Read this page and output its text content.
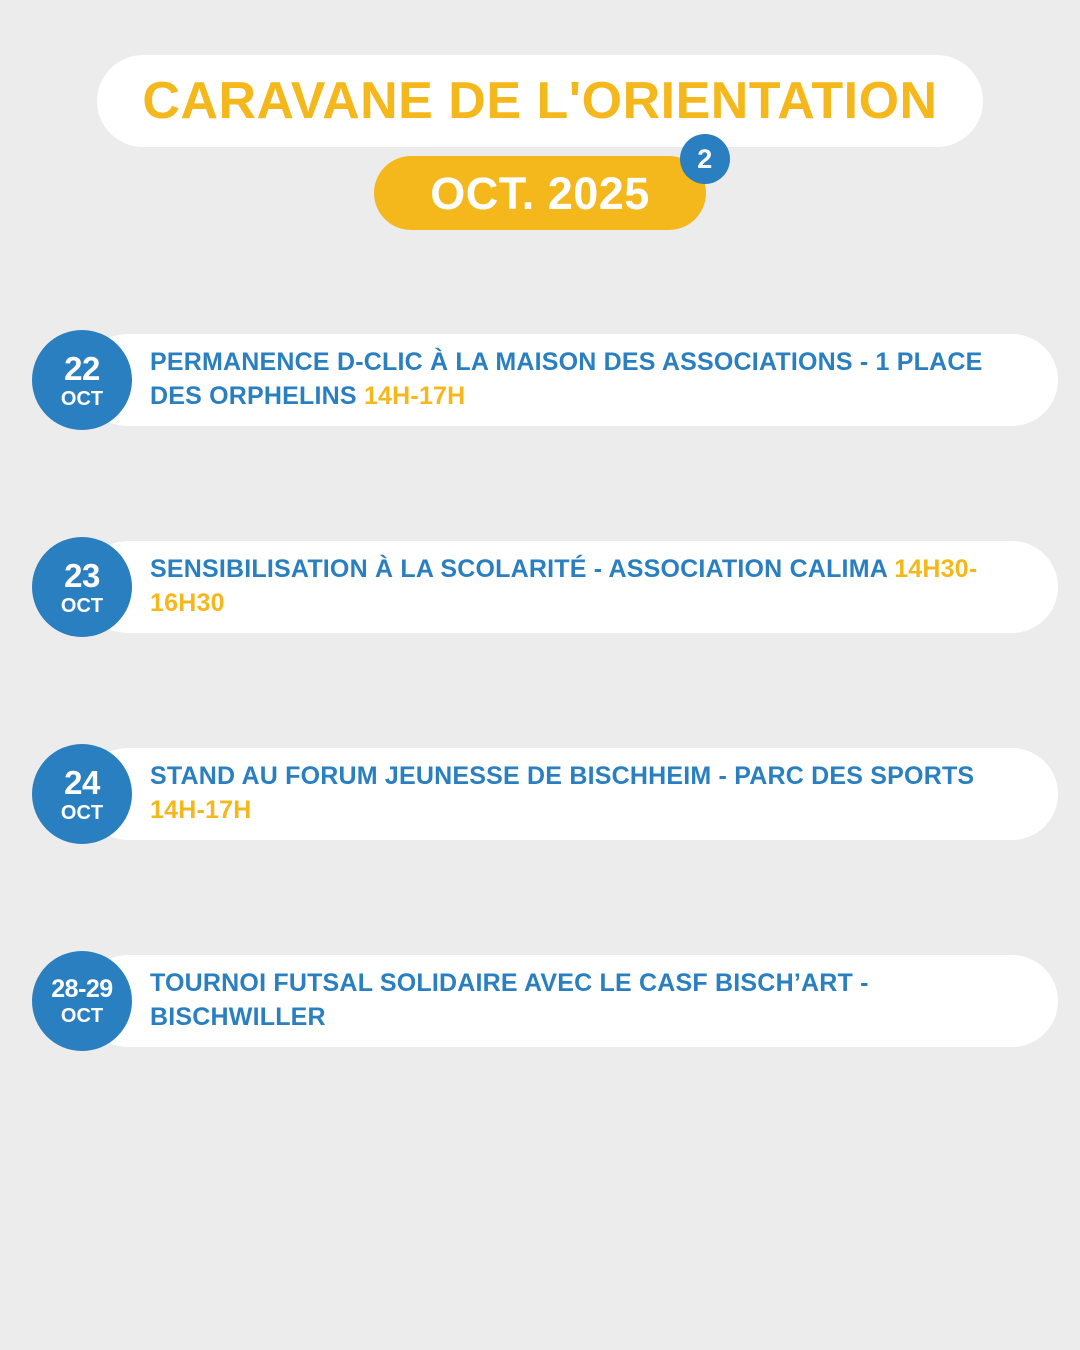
CARAVANE DE L'ORIENTATION
OCT. 2025
2
PERMANENCE D-CLIC À LA MAISON DES ASSOCIATIONS - 1 PLACE DES ORPHELINS 14H-17H
22
OCT
SENSIBILISATION À LA SCOLARITÉ - ASSOCIATION CALIMA 14H30-16H30
23
OCT
STAND AU FORUM JEUNESSE DE BISCHHEIM - PARC DES SPORTS 14H-17H
24
OCT
TOURNOI FUTSAL SOLIDAIRE AVEC LE CASF BISCH’ART - BISCHWILLER
28-29
OCT
